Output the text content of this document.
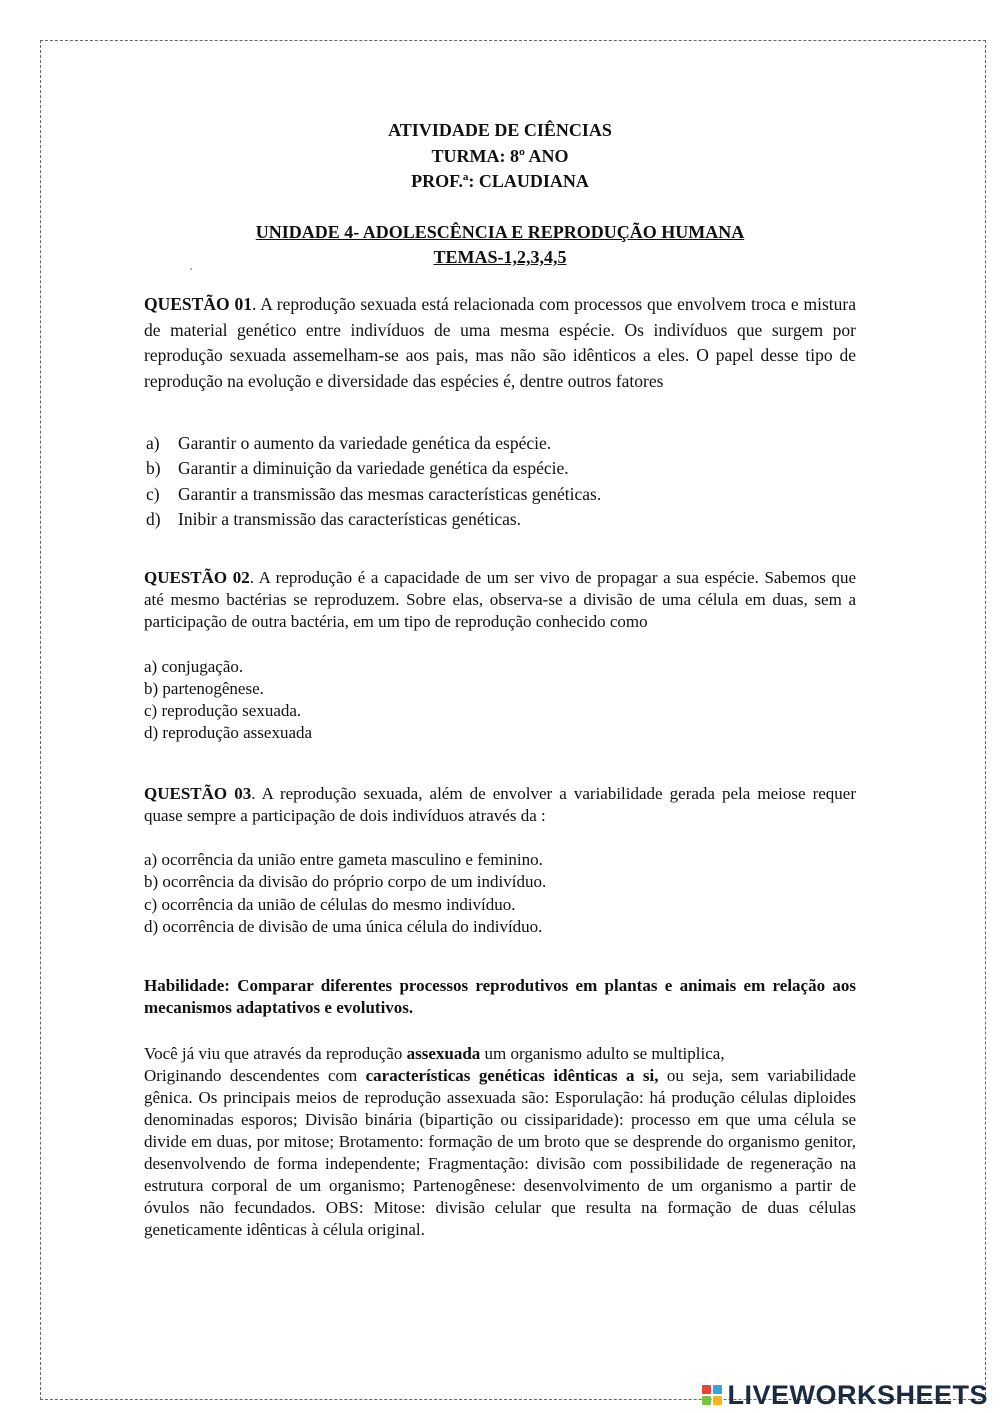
ATIVIDADE DE CIÊNCIAS
TURMA: 8º ANO
PROF.ª: CLAUDIANA
UNIDADE 4- ADOLESCÊNCIA E REPRODUÇÃO HUMANA
TEMAS-1,2,3,4,5

QUESTÃO 01. A reprodução sexuada está relacionada com processos que envolvem troca e mistura de material genético entre indivíduos de uma mesma espécie. Os indivíduos que surgem por reprodução sexuada assemelham-se aos pais, mas não são idênticos a eles. O papel desse tipo de reprodução na evolução e diversidade das espécies é, dentre outros fatores

a)	Garantir o aumento da variedade genética da espécie.
b) Garantir a diminuição da variedade genética da espécie.
c)	Garantir a transmissão das mesmas características genéticas.
d) Inibir a transmissão das características genéticas.

QUESTÃO 02. A reprodução é a capacidade de um ser vivo de propagar a sua espécie. Sabemos que até mesmo bactérias se reproduzem. Sobre elas, observa-se a divisão de uma célula em duas, sem a participação de outra bactéria, em um tipo de reprodução conhecido como

a) conjugação.
b) partenogênese.
c) reprodução sexuada.
d) reprodução assexuada

QUESTÃO 03. A reprodução sexuada, além de envolver a variabilidade gerada pela meiose requer quase sempre a participação de dois indivíduos através da :

a) ocorrência da união entre gameta masculino e feminino.
b) ocorrência da divisão do próprio corpo de um indivíduo.
c) ocorrência da união de células do mesmo indivíduo.
d) ocorrência de divisão de uma única célula do indivíduo.
Habilidade: Comparar diferentes processos reprodutivos em plantas e animais em relação aos mecanismos adaptativos e evolutivos.

Você já viu que através da reprodução assexuada um organismo adulto se multiplica,

Originando descendentes com características genéticas idênticas a si, ou seja, sem variabilidade gênica. Os principais meios de reprodução assexuada são: Esporulação: há produção células diploides denominadas esporos; Divisão binária (bipartição ou cissiparidade): processo em que uma célula se divide em duas, por mitose; Brotamento: formação de um broto que se desprende do organismo genitor, desenvolvendo de forma independente; Fragmentação: divisão com possibilidade de regeneração na estrutura corporal de um organismo; Partenogênese: desenvolvimento de um organismo a partir de óvulos não fecundados. OBS: Mitose: divisão celular que resulta na formação de duas células geneticamente idênticas à célula original.

LIVEWORKSHEETS
